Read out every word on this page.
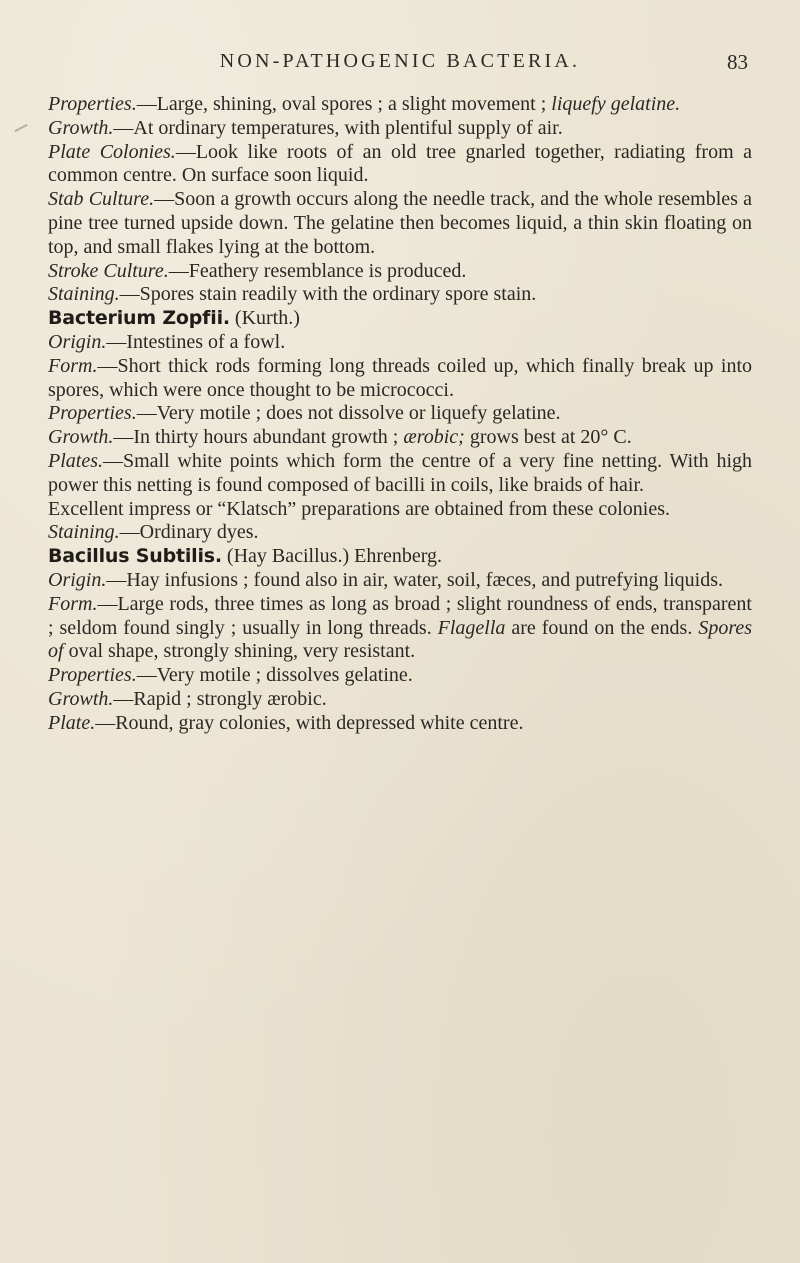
NON-PATHOGENIC BACTERIA.	83

Properties.—Large, shining, oval spores ; a slight movement ; liquefy gelatine.

Growth.—At ordinary temperatures, with plentiful supply of air.

Plate Colonies.—Look like roots of an old tree gnarled together, radiating from a common centre. On surface soon liquid.

Stab Culture.—Soon a growth occurs along the needle track, and the whole resembles a pine tree turned upside down. The gelatine then becomes liquid, a thin skin floating on top, and small flakes lying at the bottom.

Stroke Culture.—Feathery resemblance is produced.

Staining.—Spores stain readily with the ordinary spore stain.

Bacterium Zopfii. (Kurth.)

Origin.—Intestines of a fowl.

Form.—Short thick rods forming long threads coiled up, which finally break up into spores, which were once thought to be micrococci.

Properties.—Very motile ; does not dissolve or liquefy gelatine.

Growth.—In thirty hours abundant growth ; ærobic; grows best at 20° C.

Plates.—Small white points which form the centre of a very fine netting. With high power this netting is found composed of bacilli in coils, like braids of hair.

Excellent impress or “Klatsch” preparations are obtained from these colonies.

Staining.—Ordinary dyes.

Bacillus Subtilis. (Hay Bacillus.) Ehrenberg.

Origin.—Hay infusions ; found also in air, water, soil, fæces, and putrefying liquids.

Form.—Large rods, three times as long as broad ; slight roundness of ends, transparent ; seldom found singly ; usually in long threads. Flagella are found on the ends. Spores of oval shape, strongly shining, very resistant.

Properties.—Very motile ; dissolves gelatine.

Growth.—Rapid ; strongly ærobic.

Plate.—Round, gray colonies, with depressed white centre.
